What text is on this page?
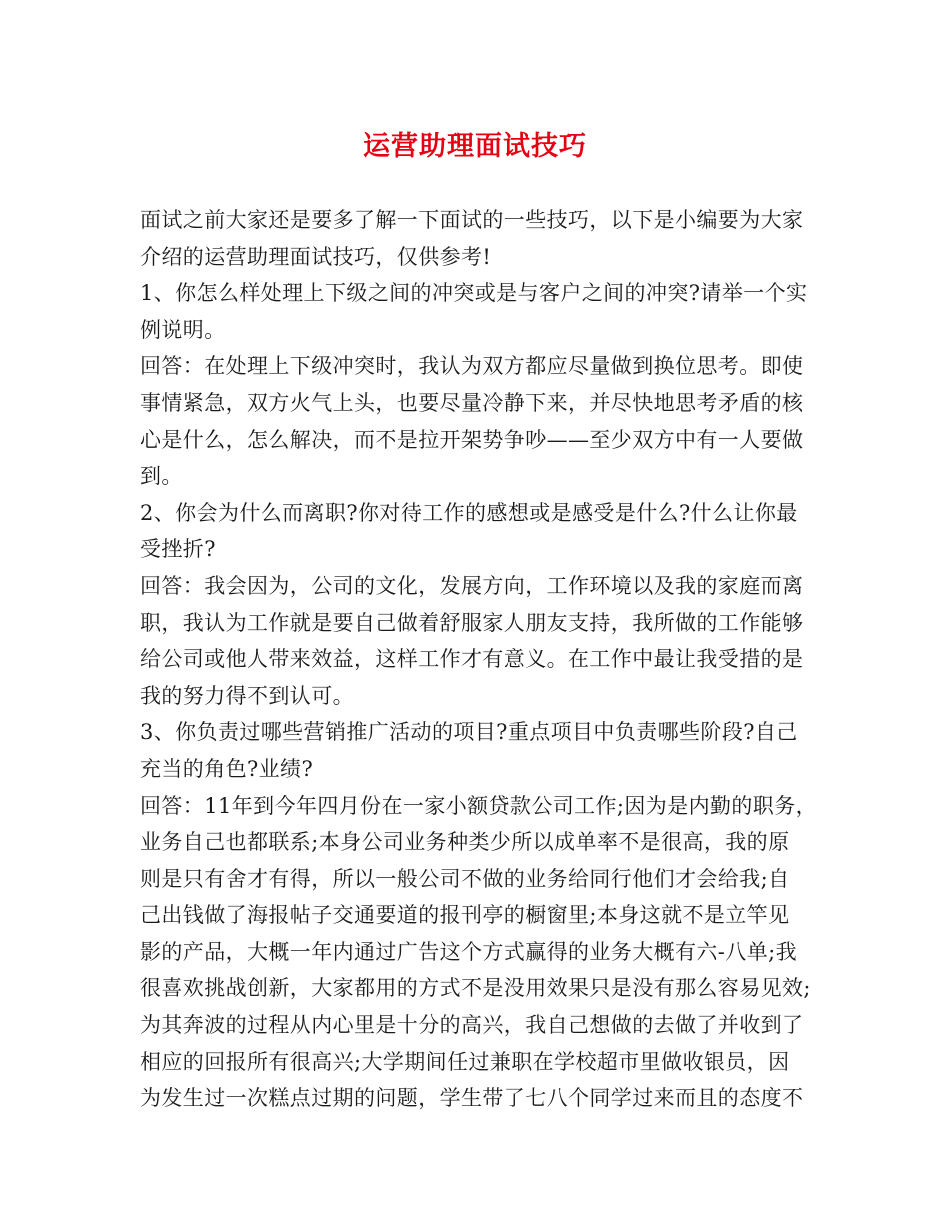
运营助理面试技巧
面试之前大家还是要多了解一下面试的一些技巧，以下是小编要为大家
介绍的运营助理面试技巧，仅供参考!
1、你怎么样处理上下级之间的冲突或是与客户之间的冲突?请举一个实
例说明。
回答：在处理上下级冲突时，我认为双方都应尽量做到换位思考。即使
事情紧急，双方火气上头，也要尽量冷静下来，并尽快地思考矛盾的核
心是什么，怎么解决，而不是拉开架势争吵——至少双方中有一人要做
到。
2、你会为什么而离职?你对待工作的感想或是感受是什么?什么让你最
受挫折?
回答：我会因为，公司的文化，发展方向，工作环境以及我的家庭而离
职，我认为工作就是要自己做着舒服家人朋友支持，我所做的工作能够
给公司或他人带来效益，这样工作才有意义。在工作中最让我受措的是
我的努力得不到认可。
3、你负责过哪些营销推广活动的项目?重点项目中负责哪些阶段?自己
充当的角色?业绩?
回答：11年到今年四月份在一家小额贷款公司工作;因为是内勤的职务，
业务自己也都联系;本身公司业务种类少所以成单率不是很高，我的原
则是只有舍才有得，所以一般公司不做的业务给同行他们才会给我;自
己出钱做了海报帖子交通要道的报刊亭的橱窗里;本身这就不是立竿见
影的产品，大概一年内通过广告这个方式赢得的业务大概有六-八单;我
很喜欢挑战创新，大家都用的方式不是没用效果只是没有那么容易见效;
为其奔波的过程从内心里是十分的高兴，我自己想做的去做了并收到了
相应的回报所有很高兴;大学期间任过兼职在学校超市里做收银员，因
为发生过一次糕点过期的问题，学生带了七八个同学过来而且的态度不
